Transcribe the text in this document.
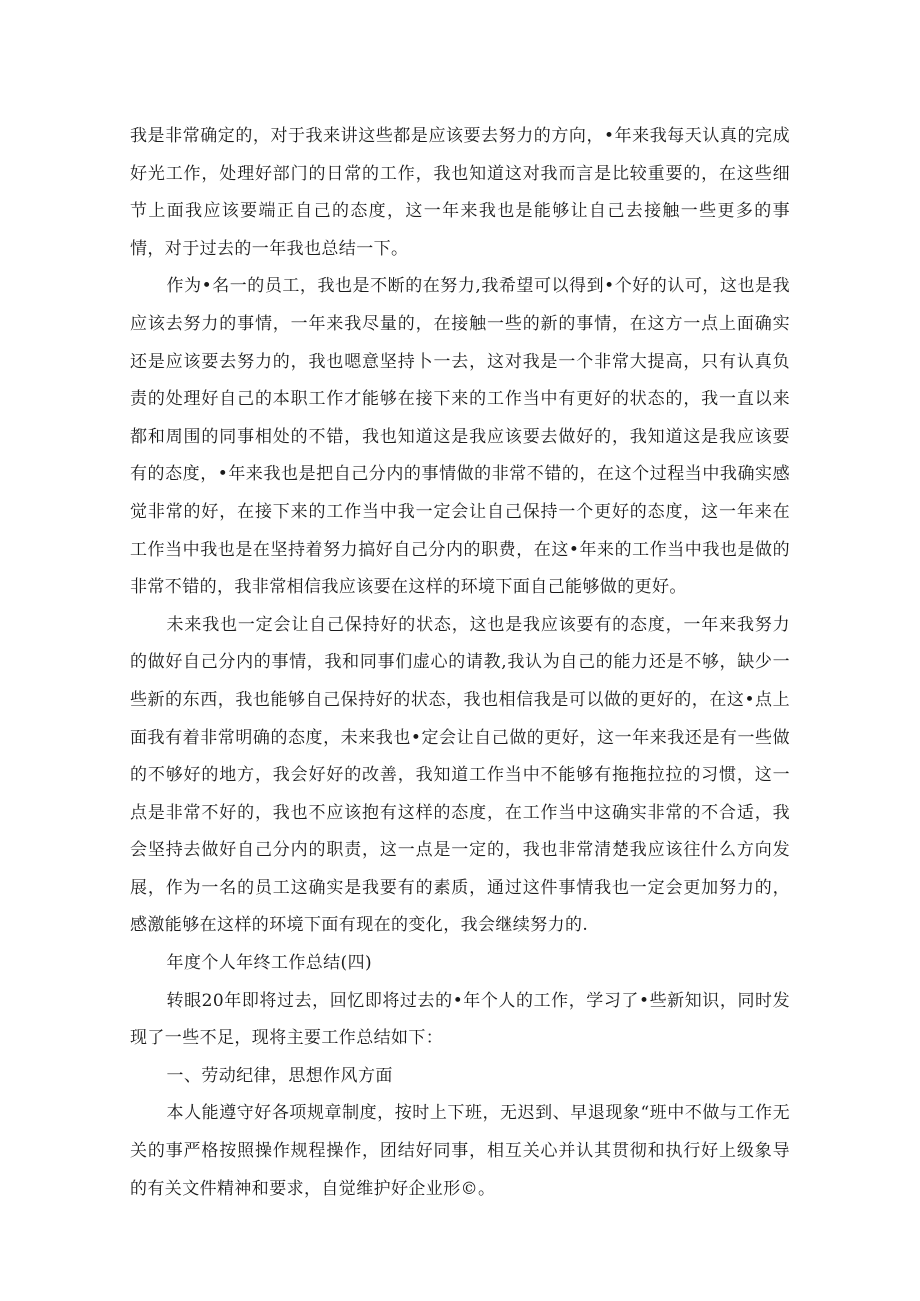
我是非常确定的，对于我来讲这些都是应该要去努力的方向，•年来我每天认真的完成好光工作，处理好部门的日常的工作，我也知道这对我而言是比较重要的，在这些细节上面我应该要端正自己的态度，这一年来我也是能够让自己去接触一些更多的事情，对于过去的一年我也总结一下。

作为•名一的员工，我也是不断的在努力,我希望可以得到•个好的认可，这也是我应该去努力的事情，一年来我尽量的，在接触一些的新的事情，在这方一点上面确实还是应该要去努力的，我也嗯意坚持卜一去，这对我是一个非常大提高，只有认真负责的处理好自己的本职工作才能够在接下来的工作当中有更好的状态的，我一直以来都和周围的同事相处的不错，我也知道这是我应该要去做好的，我知道这是我应该要有的态度，•年来我也是把自己分内的事情做的非常不错的，在这个过程当中我确实感觉非常的好，在接下来的工作当中我一定会让自己保持一个更好的态度，这一年来在工作当中我也是在坚持着努力搞好自己分内的职费，在这•年来的工作当中我也是做的非常不错的，我非常相信我应该要在这样的环境下面自己能够做的更好。

未来我也一定会让自己保持好的状态，这也是我应该要有的态度，一年来我努力的做好自己分内的事情，我和同事们虚心的请教,我认为自己的能力还是不够，缺少一些新的东西，我也能够自己保持好的状态，我也相信我是可以做的更好的，在这•点上面我有着非常明确的态度，未来我也•定会让自己做的更好，这一年来我还是有一些做的不够好的地方，我会好好的改善，我知道工作当中不能够有拖拖拉拉的习惯，这一点是非常不好的，我也不应该抱有这样的态度，在工作当中这确实非常的不合适，我会坚持去做好自己分内的职责，这一点是一定的，我也非常清楚我应该往什么方向发展，作为一名的员工这确实是我要有的素质，通过这件事情我也一定会更加努力的，感激能够在这样的环境下面有现在的变化，我会继续努力的.

年度个人年终工作总结(四)

转眼20年即将过去，回忆即将过去的•年个人的工作，学习了•些新知识，同时发现了一些不足，现将主要工作总结如下：

一、劳动纪律，思想作风方面

本人能遵守好各项规章制度，按时上下班，无迟到、早退现象“班中不做与工作无关的事严格按照操作规程操作，团结好同事，相互关心并认其贯彻和执行好上级象导的有关文件精神和要求，自觉维护好企业形©。
